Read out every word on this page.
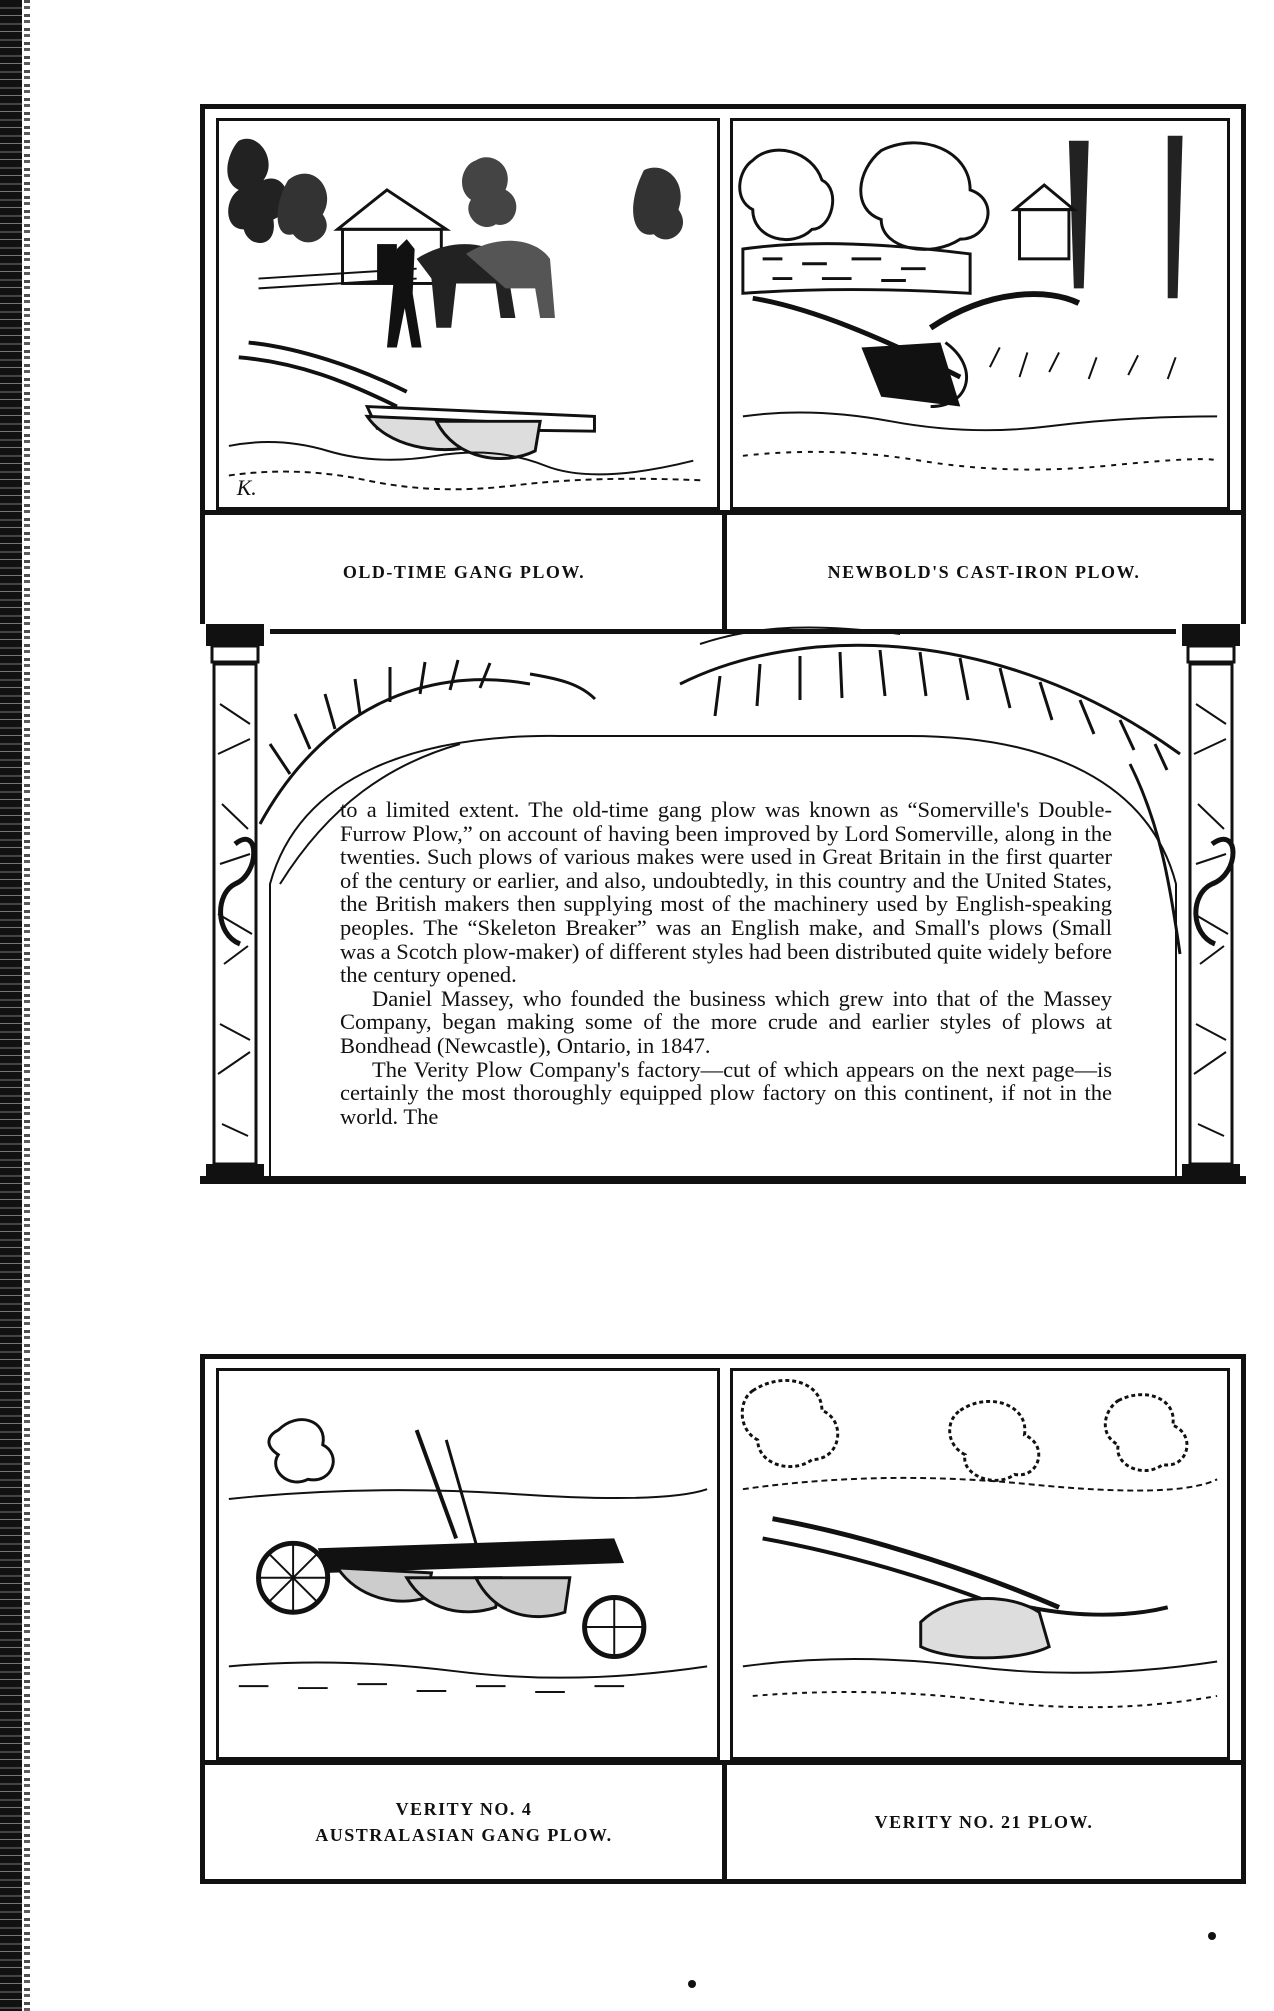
K.
OLD-TIME GANG PLOW.	NEWBOLD'S CAST-IRON PLOW.

to a limited extent. The old-time gang plow was known as “Somerville's Double-Furrow Plow,” on account of having been improved by Lord Somerville, along in the twenties. Such plows of various makes were used in Great Britain in the first quarter of the century or earlier, and also, undoubtedly, in this country and the United States, the British makers then supplying most of the machinery used by English-speaking peoples. The “Skeleton Breaker” was an English make, and Small's plows (Small was a Scotch plow-maker) of different styles had been distributed quite widely before the century opened.

Daniel Massey, who founded the business which grew into that of the Massey Company, began making some of the more crude and earlier styles of plows at Bondhead (Newcastle), Ontario, in 1847.

The Verity Plow Company's factory—cut of which appears on the next page—is certainly the most thoroughly equipped plow factory on this continent, if not in the world. The

VERITY NO. 4
AUSTRALASIAN GANG PLOW.
VERITY NO. 21 PLOW.
